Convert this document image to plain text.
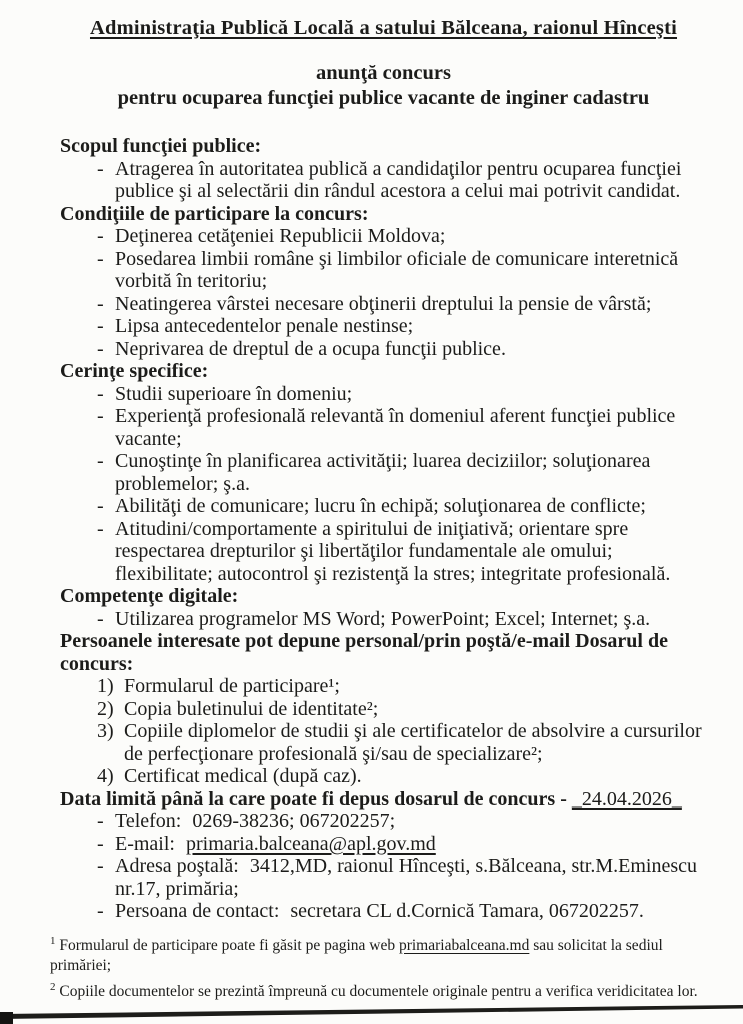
Administraţia Publică Locală a satului Bălceana, raionul Hînceşti
anunţă concurs
pentru ocuparea funcţiei publice vacante de inginer cadastru
Scopul funcţiei publice:
- Atragerea în autoritatea publică a candidaţilor pentru ocuparea funcţiei publice şi al selectării din rândul acestora a celui mai potrivit candidat.
Condiţiile de participare la concurs:
- Deţinerea cetăţeniei Republicii Moldova;
- Posedarea limbii române şi limbilor oficiale de comunicare interetnică vorbită în teritoriu;
- Neatingerea vârstei necesare obţinerii dreptului la pensie de vârstă;
- Lipsa antecedentelor penale nestinse;
- Neprivarea de dreptul de a ocupa funcţii publice.
Cerinţe specifice:
- Studii superioare în domeniu;
- Experienţă profesională relevantă în domeniul aferent funcţiei publice vacante;
- Cunoştinţe în planificarea activităţii; luarea deciziilor; soluţionarea problemelor; ş.a.
- Abilităţi de comunicare; lucru în echipă; soluţionarea de conflicte;
- Atitudini/comportamente a spiritului de iniţiativă; orientare spre respectarea drepturilor şi libertăţilor fundamentale ale omului; flexibilitate; autocontrol şi rezistenţă la stres; integritate profesională.
Competenţe digitale:
- Utilizarea programelor MS Word; PowerPoint; Excel; Internet; ş.a.
Persoanele interesate pot depune personal/prin poştă/e-mail Dosarul de concurs:
1) Formularul de participare¹;
2) Copia buletinului de identitate²;
3) Copiile diplomelor de studii şi ale certificatelor de absolvire a cursurilor de perfecţionare profesională şi/sau de specializare²;
4) Certificat medical (după caz).
Data limită până la care poate fi depus dosarul de concurs - _24.04.2026_
- Telefon: 0269-38236; 067202257;
- E-mail: primaria.balceana@apl.gov.md
- Adresa poştală: 3412,MD, raionul Hînceşti, s.Bălceana, str.M.Eminescu nr.17, primăria;
- Persoana de contact: secretara CL d.Cornică Tamara, 067202257.
$^1$ Formularul de participare poate fi găsit pe pagina web primariabalceana.md sau solicitat la sediul primăriei;
$^2$ Copiile documentelor se prezintă împreună cu documentele originale pentru a verifica veridicitatea lor.
